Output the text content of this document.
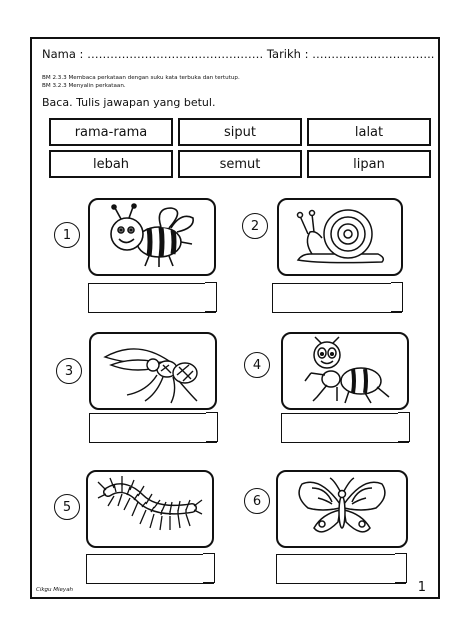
Nama : ………………………………….…… Tarikh : …………………………..
BM 2.3.3 Membaca perkataan dengan suku kata terbuka dan tertutup.
BM 3.2.3 Menyalin perkataan.
Baca. Tulis jawapan yang betul.
rama-rama	siput	lalat
lebah	semut	lipan
1
2
3	4
5	6
Cikgu Mieyah	1
